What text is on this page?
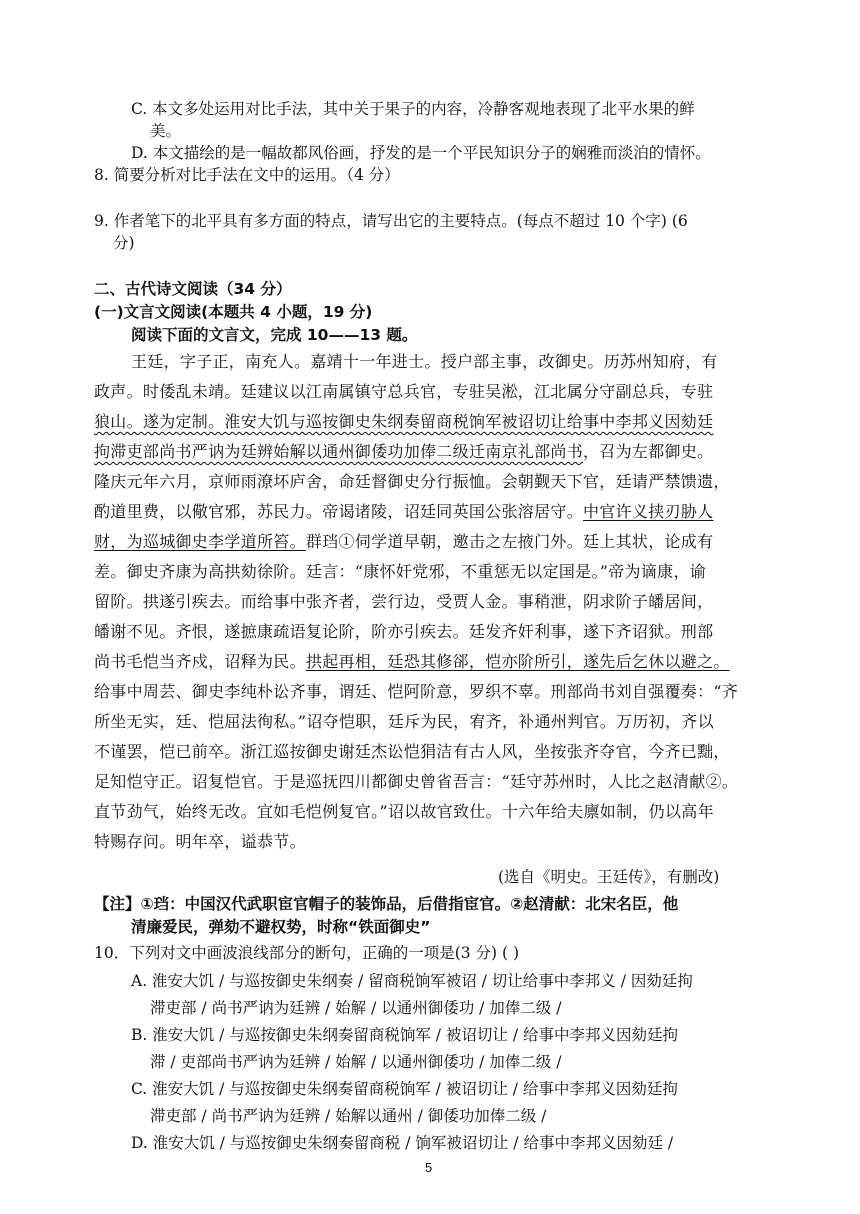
C. 本文多处运用对比手法，其中关于果子的内容，冷静客观地表现了北平水果的鲜
美。
D. 本文描绘的是一幅故都风俗画，抒发的是一个平民知识分子的娴雅而淡泊的情怀。
8. 简要分析对比手法在文中的运用。（4 分）
9. 作者笔下的北平具有多方面的特点，请写出它的主要特点。(每点不超过 10 个字) (6
分)
二、古代诗文阅读（34 分）
(一)文言文阅读(本题共 4 小题，19 分)
阅读下面的文言文，完成 10——13 题。
王廷，字子正，南充人。嘉靖十一年进士。授户部主事，改御史。历苏州知府，有
政声。时倭乱未靖。廷建议以江南属镇守总兵官，专驻吴淞，江北属分守副总兵，专驻
狼山。遂为定制。淮安大饥与巡按御史朱纲奏留商税饷军被诏切让给事中李邦义因劾廷
拘滞吏部尚书严讷为廷辨始解以通州御倭功加俸二级迁南京礼部尚书，召为左都御史。
隆庆元年六月，京师雨潦坏庐舍，命廷督御史分行振恤。会朝觐天下官，廷请严禁馈遗，
酌道里费，以儆官邪，苏民力。帝谒诸陵，诏廷同英国公张溶居守。中官许义挟刃胁人
财，为巡城御史李学道所笞。群珰①伺学道早朝，邀击之左掖门外。廷上其状，论成有
差。御史齐康为高拱劾徐阶。廷言：“康怀奸党邪，不重惩无以定国是。”帝为谪康，谕
留阶。拱遂引疾去。而给事中张齐者，尝行边，受贾人金。事稍泄，阴求阶子皤居间，
皤谢不见。齐恨，遂摭康疏语复论阶，阶亦引疾去。廷发齐奸利事，遂下齐诏狱。刑部
尚书毛恺当齐戍，诏释为民。拱起再相，廷恐其修郤，恺亦阶所引，遂先后乞休以避之。
给事中周芸、御史李纯朴讼齐事，谓廷、恺阿阶意，罗织不辜。刑部尚书刘自强覆奏：“齐
所坐无实，廷、恺屈法徇私。”诏夺恺职，廷斥为民，宥齐，补通州判官。万历初，齐以
不谨罢，恺已前卒。浙江巡按御史谢廷杰讼恺狷洁有古人风，坐按张齐夺官，今齐已黜，
足知恺守正。诏复恺官。于是巡抚四川都御史曾省吾言：“廷守苏州时，人比之赵清献②。
直节劲气，始终无改。宜如毛恺例复官。”诏以故官致仕。十六年给夫廪如制，仍以高年
特赐存问。明年卒，谥恭节。
(选自《明史。王廷传》，有删改)
【注】①珰：中国汉代武职宦官帽子的装饰品，后借指宦官。②赵清献：北宋名臣，他
清廉爱民，弹劾不避权势，时称“铁面御史”
10．下列对文中画波浪线部分的断句，正确的一项是(3 分) ( )
A. 淮安大饥 / 与巡按御史朱纲奏 / 留商税饷军被诏 / 切让给事中李邦义 / 因劾廷拘
滞吏部 / 尚书严讷为廷辨 / 始解 / 以通州御倭功 / 加俸二级 /
B. 淮安大饥 / 与巡按御史朱纲奏留商税饷军 / 被诏切让 / 给事中李邦义因劾廷拘
滞 / 吏部尚书严讷为廷辨 / 始解 / 以通州御倭功 / 加俸二级 /
C. 淮安大饥 / 与巡按御史朱纲奏留商税饷军 / 被诏切让 / 给事中李邦义因劾廷拘
滞吏部 / 尚书严讷为廷辨 / 始解以通州 / 御倭功加俸二级 /
D. 淮安大饥 / 与巡按御史朱纲奏留商税 / 饷军被诏切让 / 给事中李邦义因劾廷 /
5
